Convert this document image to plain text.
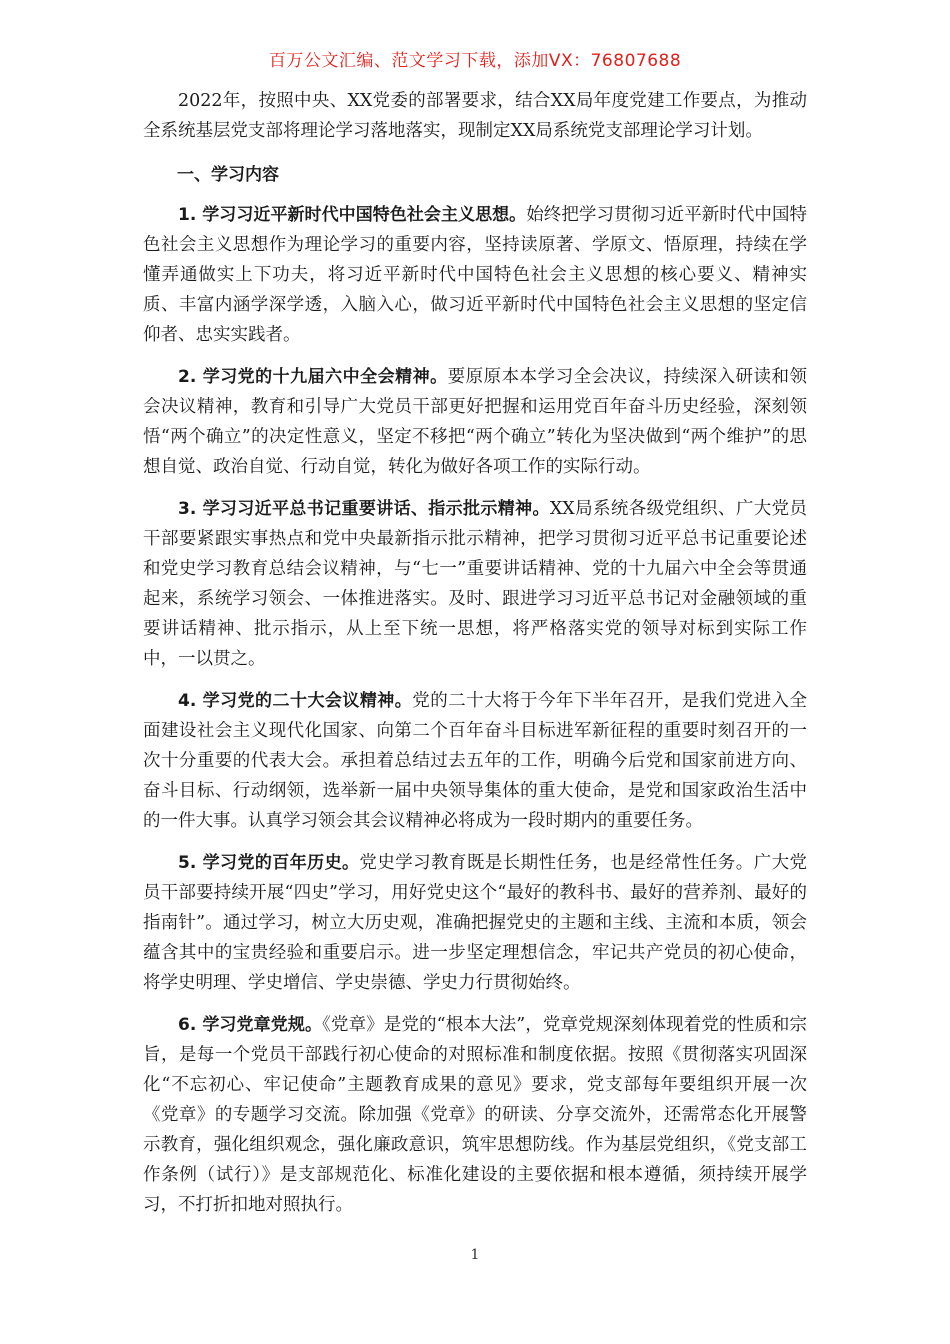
百万公文汇编、范文学习下载，添加VX：76807688

2022年，按照中央、XX党委的部署要求，结合XX局年度党建工作要点，为推动全系统基层党支部将理论学习落地落实，现制定XX局系统党支部理论学习计划。

一、学习内容

1. 学习习近平新时代中国特色社会主义思想。始终把学习贯彻习近平新时代中国特色社会主义思想作为理论学习的重要内容，坚持读原著、学原文、悟原理，持续在学懂弄通做实上下功夫，将习近平新时代中国特色社会主义思想的核心要义、精神实质、丰富内涵学深学透，入脑入心，做习近平新时代中国特色社会主义思想的坚定信仰者、忠实实践者。

2. 学习党的十九届六中全会精神。要原原本本学习全会决议，持续深入研读和领会决议精神，教育和引导广大党员干部更好把握和运用党百年奋斗历史经验，深刻领悟“两个确立”的决定性意义，坚定不移把“两个确立”转化为坚决做到“两个维护”的思想自觉、政治自觉、行动自觉，转化为做好各项工作的实际行动。

3. 学习习近平总书记重要讲话、指示批示精神。XX局系统各级党组织、广大党员干部要紧跟实事热点和党中央最新指示批示精神，把学习贯彻习近平总书记重要论述和党史学习教育总结会议精神，与“七一”重要讲话精神、党的十九届六中全会等贯通起来，系统学习领会、一体推进落实。及时、跟进学习习近平总书记对金融领域的重要讲话精神、批示指示，从上至下统一思想，将严格落实党的领导对标到实际工作中，一以贯之。

4. 学习党的二十大会议精神。党的二十大将于今年下半年召开，是我们党进入全面建设社会主义现代化国家、向第二个百年奋斗目标进军新征程的重要时刻召开的一次十分重要的代表大会。承担着总结过去五年的工作，明确今后党和国家前进方向、奋斗目标、行动纲领，选举新一届中央领导集体的重大使命，是党和国家政治生活中的一件大事。认真学习领会其会议精神必将成为一段时期内的重要任务。

5. 学习党的百年历史。党史学习教育既是长期性任务，也是经常性任务。广大党员干部要持续开展“四史”学习，用好党史这个“最好的教科书、最好的营养剂、最好的指南针”。通过学习，树立大历史观，准确把握党史的主题和主线、主流和本质，领会蕴含其中的宝贵经验和重要启示。进一步坚定理想信念，牢记共产党员的初心使命，将学史明理、学史增信、学史崇德、学史力行贯彻始终。

6. 学习党章党规。《党章》是党的“根本大法”，党章党规深刻体现着党的性质和宗旨，是每一个党员干部践行初心使命的对照标准和制度依据。按照《贯彻落实巩固深化“不忘初心、牢记使命”主题教育成果的意见》要求，党支部每年要组织开展一次《党章》的专题学习交流。除加强《党章》的研读、分享交流外，还需常态化开展警示教育，强化组织观念，强化廉政意识，筑牢思想防线。作为基层党组织，《党支部工作条例（试行）》是支部规范化、标准化建设的主要依据和根本遵循，须持续开展学习，不打折扣地对照执行。

1
